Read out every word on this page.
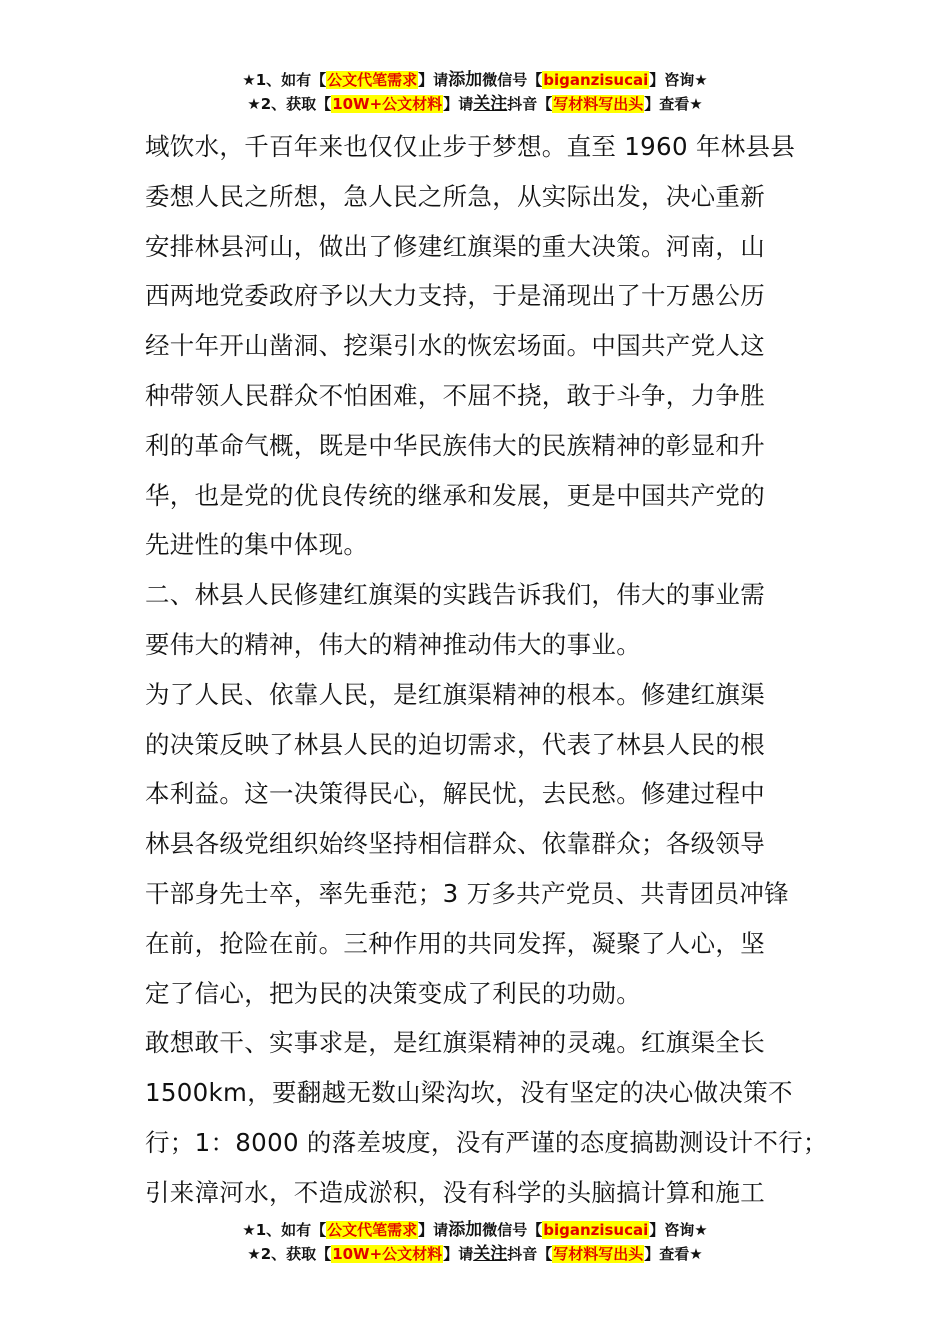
★1、如有【公文代笔需求】请添加微信号【biganzisucai】咨询★
★2、获取【10W+公文材料】请关注抖音【写材料写出头】查看★

域饮水，千百年来也仅仅止步于梦想。直至 1960 年林县县
委想人民之所想，急人民之所急，从实际出发，决心重新
安排林县河山，做出了修建红旗渠的重大决策。河南，山
西两地党委政府予以大力支持，于是涌现出了十万愚公历
经十年开山凿洞、挖渠引水的恢宏场面。中国共产党人这
种带领人民群众不怕困难，不屈不挠，敢于斗争，力争胜
利的革命气概，既是中华民族伟大的民族精神的彰显和升
华，也是党的优良传统的继承和发展，更是中国共产党的
先进性的集中体现。

二、林县人民修建红旗渠的实践告诉我们，伟大的事业需
要伟大的精神，伟大的精神推动伟大的事业。

为了人民、依靠人民，是红旗渠精神的根本。修建红旗渠
的决策反映了林县人民的迫切需求，代表了林县人民的根
本利益。这一决策得民心，解民忧，去民愁。修建过程中
林县各级党组织始终坚持相信群众、依靠群众；各级领导
干部身先士卒，率先垂范；3 万多共产党员、共青团员冲锋
在前，抢险在前。三种作用的共同发挥，凝聚了人心，坚
定了信心，把为民的决策变成了利民的功勋。

敢想敢干、实事求是，是红旗渠精神的灵魂。红旗渠全长
1500km，要翻越无数山梁沟坎，没有坚定的决心做决策不
行；1：8000 的落差坡度，没有严谨的态度搞勘测设计不行；
引来漳河水，不造成淤积，没有科学的头脑搞计算和施工

★1、如有【公文代笔需求】请添加微信号【biganzisucai】咨询★
★2、获取【10W+公文材料】请关注抖音【写材料写出头】查看★
